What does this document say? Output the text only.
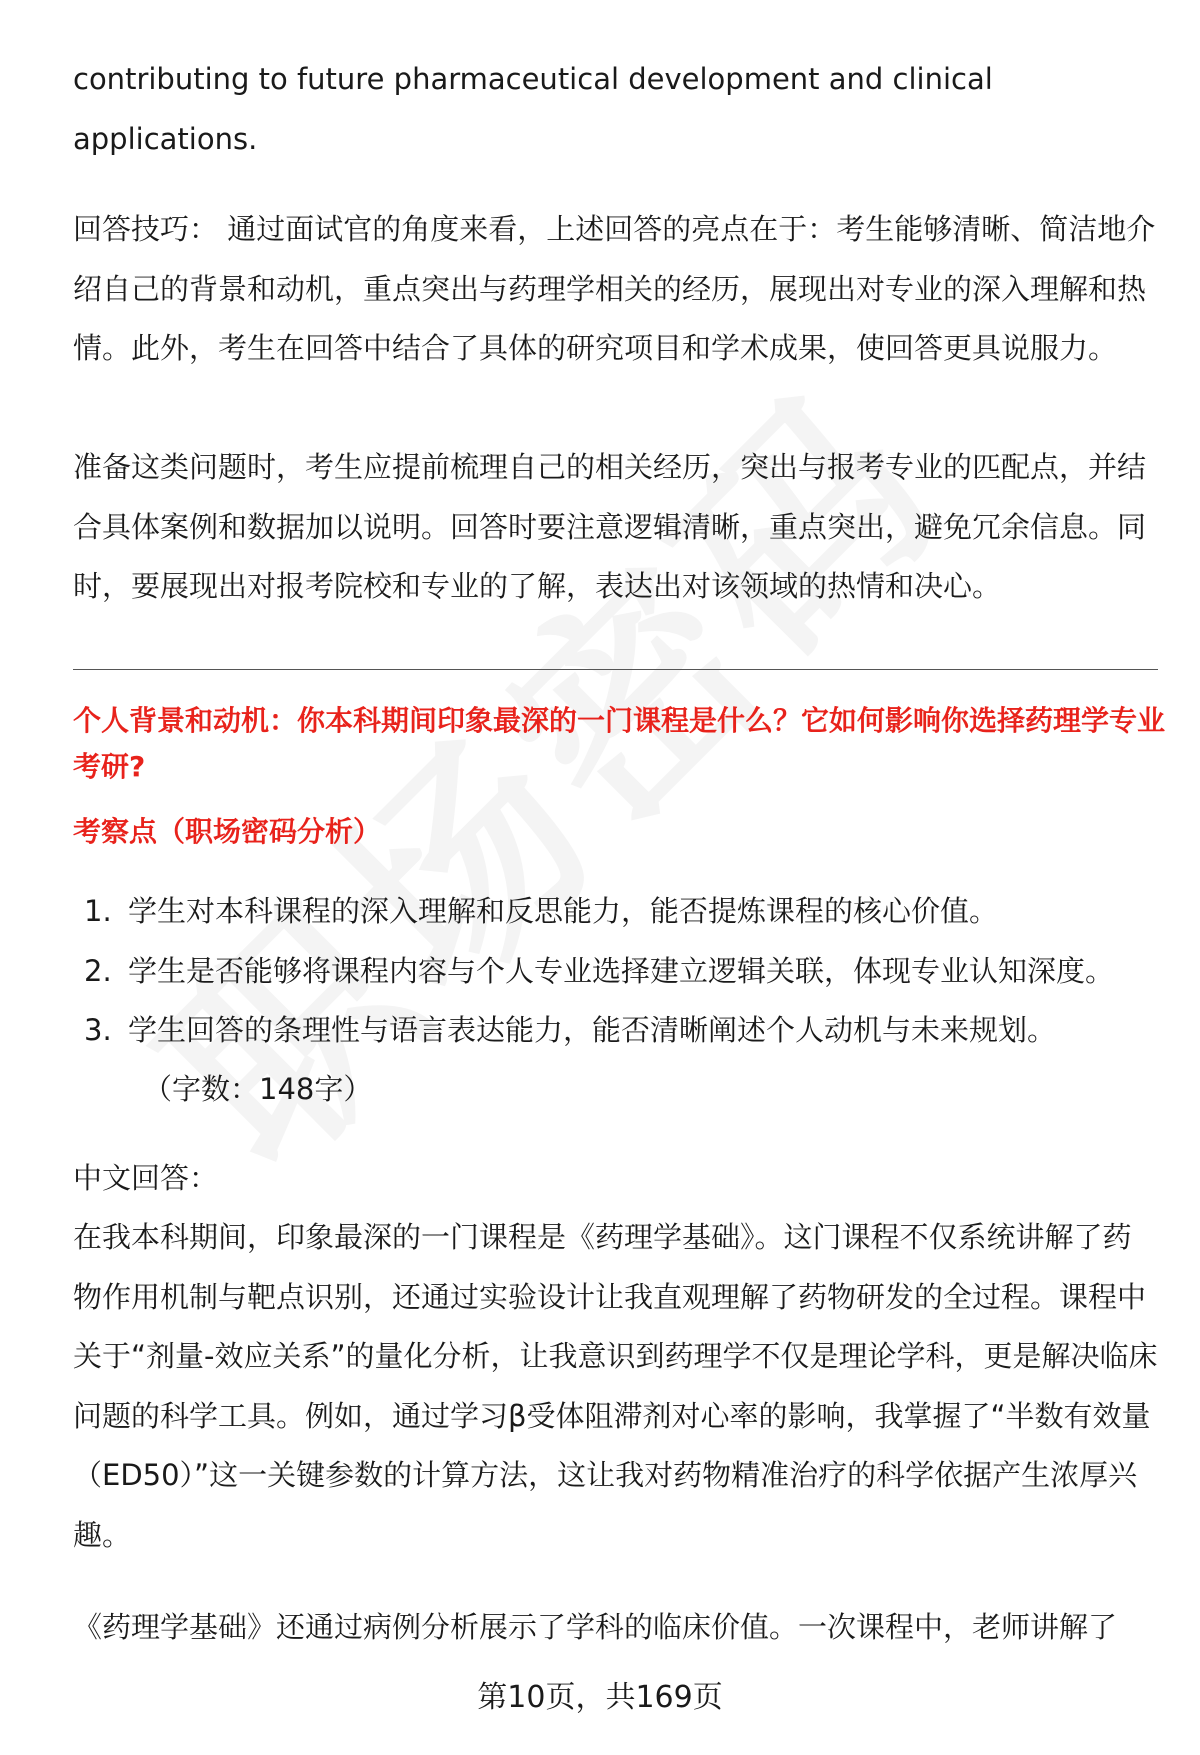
contributing to future pharmaceutical development and clinical applications.
回答技巧： 通过面试官的角度来看，上述回答的亮点在于：考生能够清晰、简洁地介绍自己的背景和动机，重点突出与药理学相关的经历，展现出对专业的深入理解和热情。此外，考生在回答中结合了具体的研究项目和学术成果，使回答更具说服力。
准备这类问题时，考生应提前梳理自己的相关经历，突出与报考专业的匹配点，并结合具体案例和数据加以说明。回答时要注意逻辑清晰，重点突出，避免冗余信息。同时，要展现出对报考院校和专业的了解，表达出对该领域的热情和决心。
个人背景和动机：你本科期间印象最深的一门课程是什么？它如何影响你选择药理学专业考研?
考察点（职场密码分析）
1. 学生对本科课程的深入理解和反思能力，能否提炼课程的核心价值。
2. 学生是否能够将课程内容与个人专业选择建立逻辑关联，体现专业认知深度。
3. 学生回答的条理性与语言表达能力，能否清晰阐述个人动机与未来规划。
（字数：148字）
中文回答：
在我本科期间，印象最深的一门课程是《药理学基础》。这门课程不仅系统讲解了药物作用机制与靶点识别，还通过实验设计让我直观理解了药物研发的全过程。课程中关于“剂量-效应关系”的量化分析，让我意识到药理学不仅是理论学科，更是解决临床问题的科学工具。例如，通过学习β受体阻滞剂对心率的影响，我掌握了“半数有效量（ED50）”这一关键参数的计算方法，这让我对药物精准治疗的科学依据产生浓厚兴趣。
《药理学基础》还通过病例分析展示了学科的临床价值。一次课程中，老师讲解了
第10页，共169页
